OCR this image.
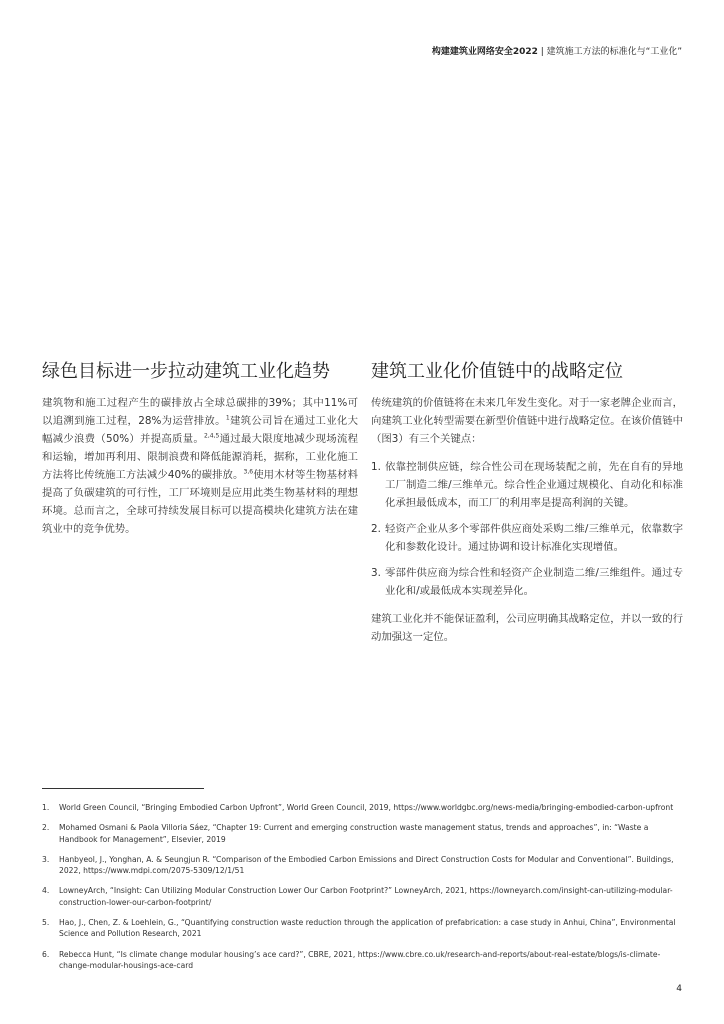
构建建筑业网络安全2022 | 建筑施工方法的标准化与“工业化”
绿色目标进一步拉动建筑工业化趋势

建筑物和施工过程产生的碳排放占全球总碳排的39%；其中11%可以追溯到施工过程，28%为运营排放。$^1$建筑公司旨在通过工业化大幅减少浪费（50%）并提高质量。$^{2,4,5}$通过最大限度地减少现场流程和运输，增加再利用、限制浪费和降低能源消耗，据称，工业化施工方法将比传统施工方法减少40%的碳排放。$^{3,6}$使用木材等生物基材料提高了负碳建筑的可行性，工厂环境则是应用此类生物基材料的理想环境。总而言之，全球可持续发展目标可以提高模块化建筑方法在建筑业中的竞争优势。

建筑工业化价值链中的战略定位

传统建筑的价值链将在未来几年发生变化。对于一家老牌企业而言，向建筑工业化转型需要在新型价值链中进行战略定位。在该价值链中（图3）有三个关键点：

1. 依靠控制供应链，综合性公司在现场装配之前，先在自有的异地工厂制造二维/三维单元。综合性企业通过规模化、自动化和标准化承担最低成本，而工厂的利用率是提高利润的关键。
2. 轻资产企业从多个零部件供应商处采购二维/三维单元，依靠数字化和参数化设计。通过协调和设计标准化实现增值。
3. 零部件供应商为综合性和轻资产企业制造二维/三维组件。通过专业化和/或最低成本实现差异化。

建筑工业化并不能保证盈利，公司应明确其战略定位，并以一致的行动加强这一定位。

1. World Green Council, “Bringing Embodied Carbon Upfront”, World Green Council, 2019, https://www.worldgbc.org/news-media/bringing-embodied-carbon-upfront
2. Mohamed Osmani & Paola Villoria Sáez, “Chapter 19: Current and emerging construction waste management status, trends and approaches”, in: “Waste a Handbook for Management”, Elsevier, 2019
3. Hanbyeol, J., Yonghan, A. & Seungjun R. “Comparison of the Embodied Carbon Emissions and Direct Construction Costs for Modular and Conventional”. Buildings, 2022, https://www.mdpi.com/2075-5309/12/1/51
4. LowneyArch, “Insight: Can Utilizing Modular Construction Lower Our Carbon Footprint?” LowneyArch, 2021, https://lowneyarch.com/insight-can-utilizing-modular-construction-lower-our-carbon-footprint/
5. Hao, J., Chen, Z. & Loehlein, G., “Quantifying construction waste reduction through the application of prefabrication: a case study in Anhui, China”, Environmental Science and Pollution Research, 2021
6. Rebecca Hunt, “Is climate change modular housing’s ace card?”, CBRE, 2021, https://www.cbre.co.uk/research-and-reports/about-real-estate/blogs/is-climate-change-modular-housings-ace-card
4
